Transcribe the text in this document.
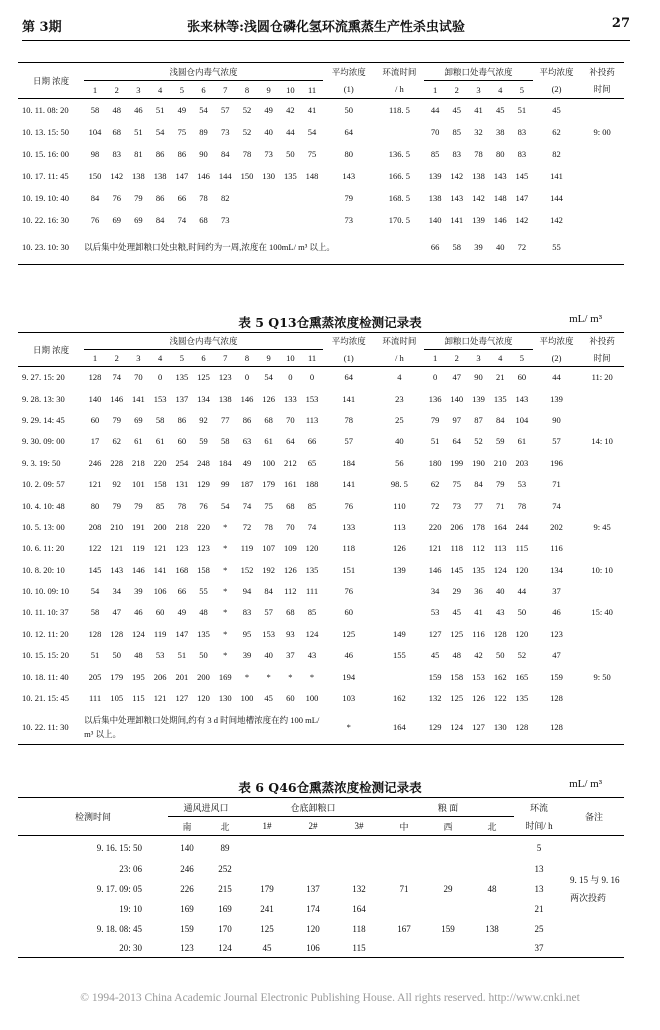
第 3期	张来林等:浅圆仓磷化氢环流熏蒸生产性杀虫试验	27
日期 浓度	浅圆仓内毒气浓度											平均浓度	环流时间	卸粮口处毒气浓度					平均浓度	补投药
	1	2	3	4	5	6	7	8	9	10	11	(1)	/ h	1	2	3	4	5	(2)	时间
10. 11. 08: 20	58	48	46	51	49	54	57	52	49	42	41	50	118. 5	44	45	41	45	51	45	
10. 13. 15: 50	104	68	51	54	75	89	73	52	40	44	54	64		70	85	32	38	83	62	9: 00
10. 15. 16: 00	98	83	81	86	86	90	84	78	73	50	75	80	136. 5	85	83	78	80	83	82	
10. 17. 11: 45	150	142	138	138	147	146	144	150	130	135	148	143	166. 5	139	142	138	143	145	141	
10. 19. 10: 40	84	76	79	86	66	78	82					79	168. 5	138	143	142	148	147	144	
10. 22. 16: 30	76	69	69	84	74	68	73					73	170. 5	140	141	139	146	142	142	
10. 23. 10: 30	以后集中处理卸粮口处虫粮,时间约为一周,浓度在 100mL/ m³ 以上。													66	58	39	40	72	55	
表 5 Q13仓熏蒸浓度检测记录表	mL/ m³
日期 浓度	浅圆仓内毒气浓度											平均浓度	环流时间	卸粮口处毒气浓度					平均浓度	补投药
	1	2	3	4	5	6	7	8	9	10	11	(1)	/ h	1	2	3	4	5	(2)	时间
9. 27. 15: 20	128	74	70	0	135	125	123	0	54	0	0	64	4	0	47	90	21	60	44	11: 20
9. 28. 13: 30	140	146	141	153	137	134	138	146	126	133	153	141	23	136	140	139	135	143	139	
9. 29. 14: 45	60	79	69	58	86	92	77	86	68	70	113	78	25	79	97	87	84	104	90	
9. 30. 09: 00	17	62	61	61	60	59	58	63	61	64	66	57	40	51	64	52	59	61	57	14: 10
9. 3. 19: 50	246	228	218	220	254	248	184	49	100	212	65	184	56	180	199	190	210	203	196	
10. 2. 09: 57	121	92	101	158	131	129	99	187	179	161	188	141	98. 5	62	75	84	79	53	71	
10. 4. 10: 48	80	79	79	85	78	76	54	74	75	68	85	76	110	72	73	77	71	78	74	
10. 5. 13: 00	208	210	191	200	218	220	*	72	78	70	74	133	113	220	206	178	164	244	202	9: 45
10. 6. 11: 20	122	121	119	121	123	123	*	119	107	109	120	118	126	121	118	112	113	115	116	
10. 8. 20: 10	145	143	146	141	168	158	*	152	192	126	135	151	139	146	145	135	124	120	134	10: 10
10. 10. 09: 10	54	34	39	106	66	55	*	94	84	112	111	76		34	29	36	40	44	37	
10. 11. 10: 37	58	47	46	60	49	48	*	83	57	68	85	60		53	45	41	43	50	46	15: 40
10. 12. 11: 20	128	128	124	119	147	135	*	95	153	93	124	125	149	127	125	116	128	120	123	
10. 15. 15: 20	51	50	48	53	51	50	*	39	40	37	43	46	155	45	48	42	50	52	47	
10. 18. 11: 40	205	179	195	206	201	200	169	*	*	*	*	194		159	158	153	162	165	159	9: 50
10. 21. 15: 45	111	105	115	121	127	120	130	100	45	60	100	103	162	132	125	126	122	135	128	
10. 22. 11: 30	以后集中处理卸粮口处期间,约有 3 d 时间地槽浓度在约 100 mL/ m³ 以上。											*	164	129	124	127	130	128	128	
表 6 Q46仓熏蒸浓度检测记录表	mL/ m³
检测时间	通风进风口		仓底卸粮口			粮 面			环流	备注
	南	北	1#	2#	3#	中	西	北	时间/ h	
9. 16. 15: 50	140	89							5	
23: 06	246	252							13	9. 15 与 9. 16两次投药
9. 17. 09: 05	226	215	179	137	132	71	29	48	13	
19: 10	169	169	241	174	164				21	
9. 18. 08: 45	159	170	125	120	118	167	159	138	25	
20: 30	123	124	45	106	115				37	
© 1994-2013 China Academic Journal Electronic Publishing House. All rights reserved. http://www.cnki.net
